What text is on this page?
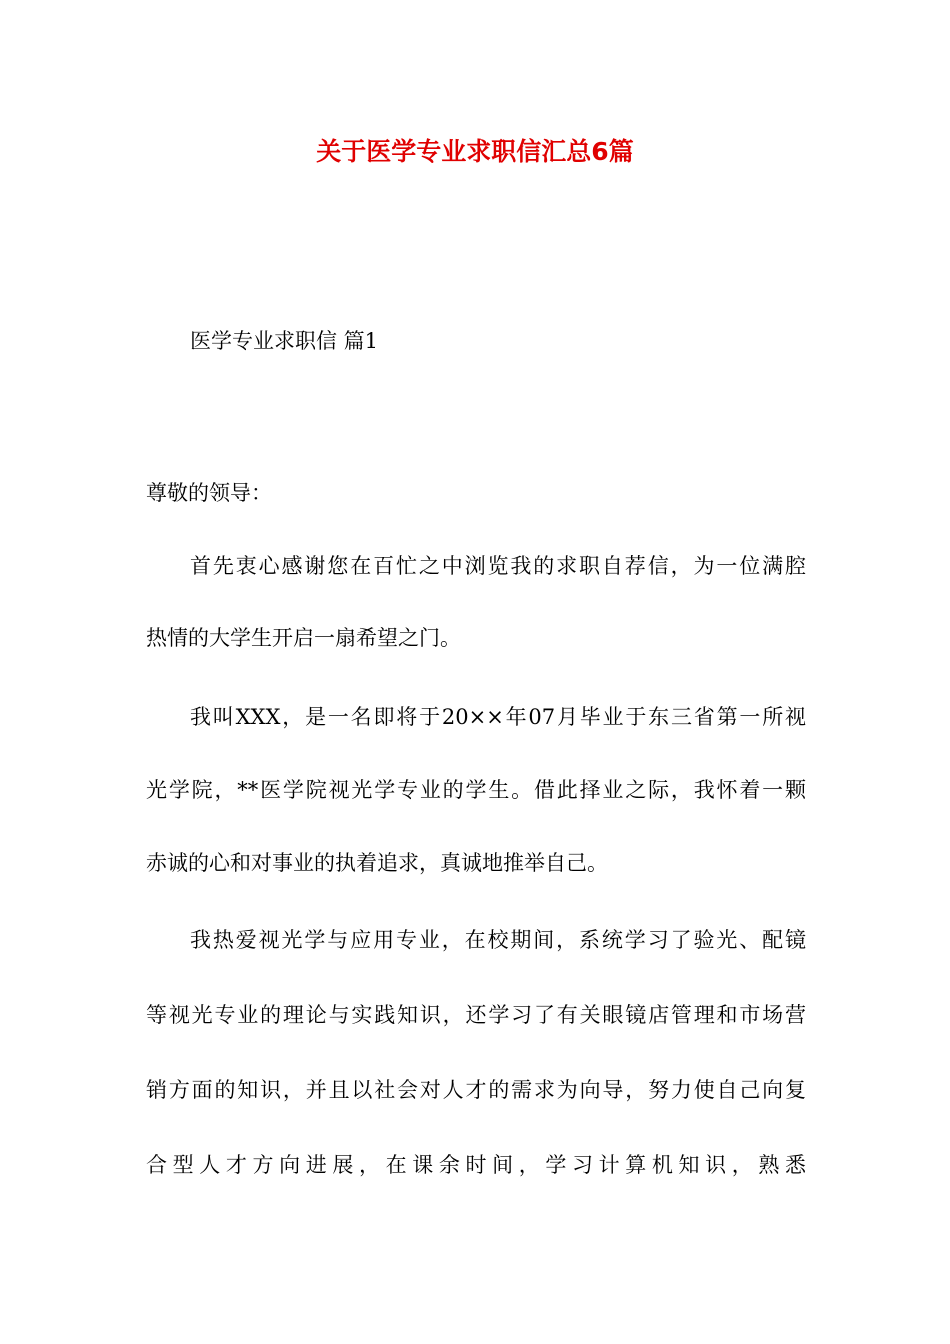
关于医学专业求职信汇总6篇

医学专业求职信 篇1

尊敬的领导：

首先衷心感谢您在百忙之中浏览我的求职自荐信，为一位满腔

热情的大学生开启一扇希望之门。

我叫XXX，是一名即将于20××年07月毕业于东三省第一所视

光学院，**医学院视光学专业的学生。借此择业之际，我怀着一颗

赤诚的心和对事业的执着追求，真诚地推举自己。

我热爱视光学与应用专业，在校期间，系统学习了验光、配镜

等视光专业的理论与实践知识，还学习了有关眼镜店管理和市场营

销方面的知识，并且以社会对人才的需求为向导，努力使自己向复

合型人才方向进展，在课余时间，学习计算机知识，熟悉
